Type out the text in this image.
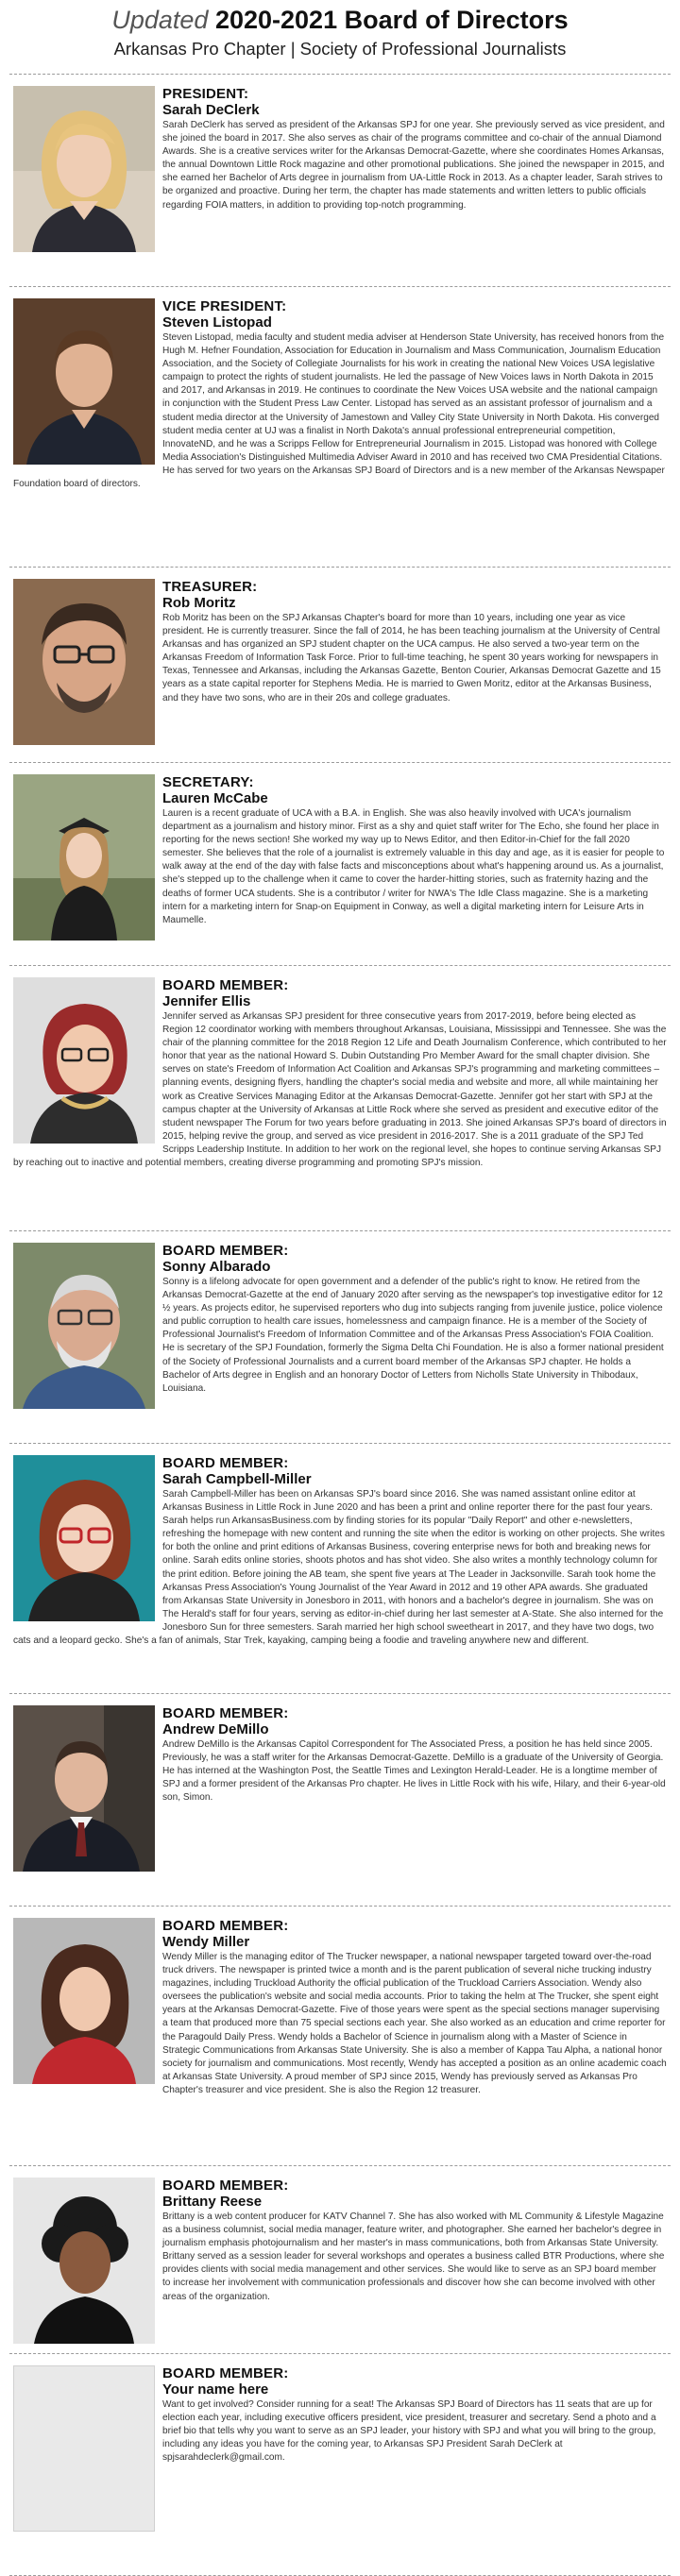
Updated 2020-2021 Board of Directors
Arkansas Pro Chapter | Society of Professional Journalists
PRESIDENT:
Sarah DeClerk

Sarah DeClerk has served as president of the Arkansas SPJ for one year. She previously served as vice president, and she joined the board in 2017. She also serves as chair of the programs committee and co-chair of the annual Diamond Awards. She is a creative services writer for the Arkansas Democrat-Gazette, where she coordinates Homes Arkansas, the annual Downtown Little Rock magazine and other promotional publications. She joined the newspaper in 2015, and she earned her Bachelor of Arts degree in journalism from UA-Little Rock in 2013. As a chapter leader, Sarah strives to be organized and proactive. During her term, the chapter has made statements and written letters to public officials regarding FOIA matters, in addition to providing top-notch programming.

VICE PRESIDENT:
Steven Listopad

Steven Listopad, media faculty and student media adviser at Henderson State University, has received honors from the Hugh M. Hefner Foundation, Association for Education in Journalism and Mass Communication, Journalism Education Association, and the Society of Collegiate Journalists for his work in creating the national New Voices USA legislative campaign to protect the rights of student journalists. He led the passage of New Voices laws in North Dakota in 2015 and 2017, and Arkansas in 2019. He continues to coordinate the New Voices USA website and the national campaign in conjunction with the Student Press Law Center. Listopad has served as an assistant professor of journalism and a student media director at the University of Jamestown and Valley City State University in North Dakota. His converged student media center at UJ was a finalist in North Dakota's annual professional entrepreneurial competition, InnovateND, and he was a Scripps Fellow for Entrepreneurial Journalism in 2015. Listopad was honored with College Media Association's Distinguished Multimedia Adviser Award in 2010 and has received two CMA Presidential Citations. He has served for two years on the Arkansas SPJ Board of Directors and is a new member of the Arkansas Newspaper Foundation board of directors.

TREASURER:
Rob Moritz

Rob Moritz has been on the SPJ Arkansas Chapter's board for more than 10 years, including one year as vice president. He is currently treasurer. Since the fall of 2014, he has been teaching journalism at the University of Central Arkansas and has organized an SPJ student chapter on the UCA campus. He also served a two-year term on the Arkansas Freedom of Information Task Force. Prior to full-time teaching, he spent 30 years working for newspapers in Texas, Tennessee and Arkansas, including the Arkansas Gazette, Benton Courier, Arkansas Democrat Gazette and 15 years as a state capital reporter for Stephens Media. He is married to Gwen Moritz, editor at the Arkansas Business, and they have two sons, who are in their 20s and college graduates.

SECRETARY:
Lauren McCabe

Lauren is a recent graduate of UCA with a B.A. in English. She was also heavily involved with UCA's journalism department as a journalism and history minor. First as a shy and quiet staff writer for The Echo, she found her place in reporting for the news section! She worked my way up to News Editor, and then Editor-in-Chief for the fall 2020 semester. She believes that the role of a journalist is extremely valuable in this day and age, as it is easier for people to walk away at the end of the day with false facts and misconceptions about what's happening around us. As a journalist, she's stepped up to the challenge when it came to cover the harder-hitting stories, such as fraternity hazing and the deaths of former UCA students. She is a contributor / writer for NWA's The Idle Class magazine. She is a marketing intern for a marketing intern for Snap-on Equipment in Conway, as well a digital marketing intern for Leisure Arts in Maumelle.

BOARD MEMBER:
Jennifer Ellis

Jennifer served as Arkansas SPJ president for three consecutive years from 2017-2019, before being elected as Region 12 coordinator working with members throughout Arkansas, Louisiana, Mississippi and Tennessee. She was the chair of the planning committee for the 2018 Region 12 Life and Death Journalism Conference, which contributed to her honor that year as the national Howard S. Dubin Outstanding Pro Member Award for the small chapter division. She serves on state's Freedom of Information Act Coalition and Arkansas SPJ's programming and marketing committees – planning events, designing flyers, handling the chapter's social media and website and more, all while maintaining her work as Creative Services Managing Editor at the Arkansas Democrat-Gazette. Jennifer got her start with SPJ at the campus chapter at the University of Arkansas at Little Rock where she served as president and executive editor of the student newspaper The Forum for two years before graduating in 2013. She joined Arkansas SPJ's board of directors in 2015, helping revive the group, and served as vice president in 2016-2017. She is a 2011 graduate of the SPJ Ted Scripps Leadership Institute. In addition to her work on the regional level, she hopes to continue serving Arkansas SPJ by reaching out to inactive and potential members, creating diverse programming and promoting SPJ's mission.

BOARD MEMBER:
Sonny Albarado

Sonny is a lifelong advocate for open government and a defender of the public's right to know. He retired from the Arkansas Democrat-Gazette at the end of January 2020 after serving as the newspaper's top investigative editor for 12 ½ years. As projects editor, he supervised reporters who dug into subjects ranging from juvenile justice, police violence and public corruption to health care issues, homelessness and campaign finance. He is a member of the Society of Professional Journalist's Freedom of Information Committee and of the Arkansas Press Association's FOIA Coalition. He is secretary of the SPJ Foundation, formerly the Sigma Delta Chi Foundation. He is also a former national president of the Society of Professional Journalists and a current board member of the Arkansas SPJ chapter. He holds a Bachelor of Arts degree in English and an honorary Doctor of Letters from Nicholls State University in Thibodaux, Louisiana.

BOARD MEMBER:
Sarah Campbell-Miller

Sarah Campbell-Miller has been on Arkansas SPJ's board since 2016. She was named assistant online editor at Arkansas Business in Little Rock in June 2020 and has been a print and online reporter there for the past four years. Sarah helps run ArkansasBusiness.com by finding stories for its popular "Daily Report" and other e-newsletters, refreshing the homepage with new content and running the site when the editor is working on other projects. She writes for both the online and print editions of Arkansas Business, covering enterprise news for both and breaking news for online. Sarah edits online stories, shoots photos and has shot video. She also writes a monthly technology column for the print edition. Before joining the AB team, she spent five years at The Leader in Jacksonville. Sarah took home the Arkansas Press Association's Young Journalist of the Year Award in 2012 and 19 other APA awards. She graduated from Arkansas State University in Jonesboro in 2011, with honors and a bachelor's degree in journalism. She was on The Herald's staff for four years, serving as editor-in-chief during her last semester at A-State. She also interned for the Jonesboro Sun for three semesters. Sarah married her high school sweetheart in 2017, and they have two dogs, two cats and a leopard gecko. She's a fan of animals, Star Trek, kayaking, camping being a foodie and traveling anywhere new and different.

BOARD MEMBER:
Andrew DeMillo

Andrew DeMillo is the Arkansas Capitol Correspondent for The Associated Press, a position he has held since 2005. Previously, he was a staff writer for the Arkansas Democrat-Gazette. DeMillo is a graduate of the University of Georgia. He has interned at the Washington Post, the Seattle Times and Lexington Herald-Leader. He is a longtime member of SPJ and a former president of the Arkansas Pro chapter. He lives in Little Rock with his wife, Hilary, and their 6-year-old son, Simon.

BOARD MEMBER:
Wendy Miller

Wendy Miller is the managing editor of The Trucker newspaper, a national newspaper targeted toward over-the-road truck drivers. The newspaper is printed twice a month and is the parent publication of several niche trucking industry magazines, including Truckload Authority the official publication of the Truckload Carriers Association. Wendy also oversees the publication's website and social media accounts. Prior to taking the helm at The Trucker, she spent eight years at the Arkansas Democrat-Gazette. Five of those years were spent as the special sections manager supervising a team that produced more than 75 special sections each year. She also worked as an education and crime reporter for the Paragould Daily Press. Wendy holds a Bachelor of Science in journalism along with a Master of Science in Strategic Communications from Arkansas State University. She is also a member of Kappa Tau Alpha, a national honor society for journalism and communications. Most recently, Wendy has accepted a position as an online academic coach at Arkansas State University. A proud member of SPJ since 2015, Wendy has previously served as Arkansas Pro Chapter's treasurer and vice president. She is also the Region 12 treasurer.

BOARD MEMBER:
Brittany Reese

Brittany is a web content producer for KATV Channel 7. She has also worked with ML Community & Lifestyle Magazine as a business columnist, social media manager, feature writer, and photographer. She earned her bachelor's degree in journalism emphasis photojournalism and her master's in mass communications, both from Arkansas State University. Brittany served as a session leader for several workshops and operates a business called BTR Productions, where she provides clients with social media management and other services. She would like to serve as an SPJ board member to increase her involvement with communication professionals and discover how she can become involved with other areas of the organization.

BOARD MEMBER:
Your name here

Want to get involved? Consider running for a seat! The Arkansas SPJ Board of Directors has 11 seats that are up for election each year, including executive officers president, vice president, treasurer and secretary. Send a photo and a brief bio that tells why you want to serve as an SPJ leader, your history with SPJ and what you will bring to the group, including any ideas you have for the coming year, to Arkansas SPJ President Sarah DeClerk at spjsarahdeclerk@gmail.com.
